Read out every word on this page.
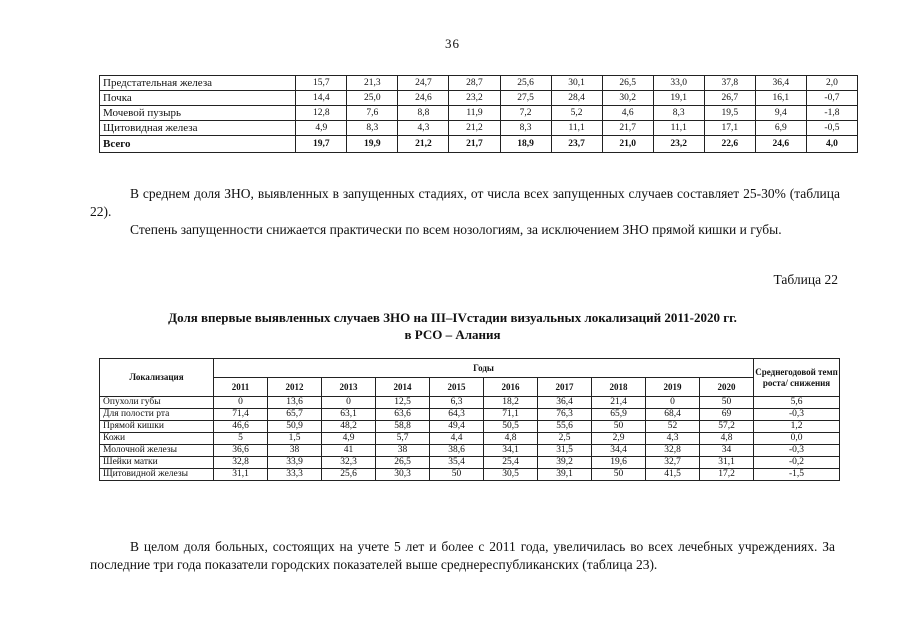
36
Предстательная железа	15,7	21,3	24,7	28,7	25,6	30,1	26,5	33,0	37,8	36,4	2,0
Почка	14,4	25,0	24,6	23,2	27,5	28,4	30,2	19,1	26,7	16,1	-0,7
Мочевой пузырь	12,8	7,6	8,8	11,9	7,2	5,2	4,6	8,3	19,5	9,4	-1,8
Щитовидная железа	4,9	8,3	4,3	21,2	8,3	11,1	21,7	11,1	17,1	6,9	-0,5
Всего	19,7	19,9	21,2	21,7	18,9	23,7	21,0	23,2	22,6	24,6	4,0

В среднем доля ЗНО, выявленных в запущенных стадиях, от числа всех запущенных случаев составляет 25-30% (таблица 22).

Степень запущенности снижается практически по всем нозологиям, за исключением ЗНО прямой кишки и губы.

Таблица 22
Доля впервые выявленных случаев ЗНО на III–IVстадии визуальных локализаций 2011-2020 гг.
в РСО – Алания
Локализация	Годы										Среднегодовой темп роста/ снижения
	2011	2012	2013	2014	2015	2016	2017	2018	2019	2020	
Опухоли губы	0	13,6	0	12,5	6,3	18,2	36,4	21,4	0	50	5,6
Для полости рта	71,4	65,7	63,1	63,6	64,3	71,1	76,3	65,9	68,4	69	-0,3
Прямой кишки	46,6	50,9	48,2	58,8	49,4	50,5	55,6	50	52	57,2	1,2
Кожи	5	1,5	4,9	5,7	4,4	4,8	2,5	2,9	4,3	4,8	0,0
Молочной железы	36,6	38	41	38	38,6	34,1	31,5	34,4	32,8	34	-0,3
Шейки матки	32,8	33,9	32,3	26,5	35,4	25,4	39,2	19,6	32,7	31,1	-0,2
Щитовидной железы	31,1	33,3	25,6	30,3	50	30,5	39,1	50	41,5	17,2	-1,5

В целом доля больных, состоящих на учете 5 лет и более с 2011 года, увеличилась во всех лечебных учреждениях. За последние три года показатели городских показателей выше среднереспубликанских (таблица 23).
